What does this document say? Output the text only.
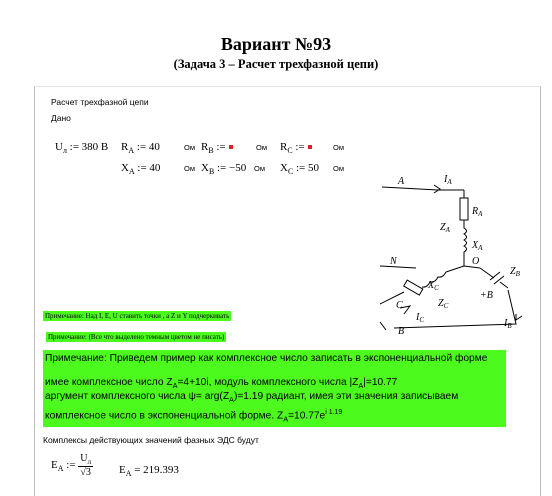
Вариант №93
(Задача 3 – Расчет трехфазной цепи)
Расчет трехфазной цепи
Дано
$U_л$ := 380 В $R_A$ := 40	Ом $R_B$ :=	Ом $R_C$ :=	Ом
$X_A$ := 40	Ом $X_B$ := −50 Ом $X_C$ := 50 Ом
A	$I_A$
$R_A$
$Z_A$
$X_A$
N	O
$Z_B$
+B
$X_C$
$Z_C$
C
$I_C$	$I_B$
B
Примечание: Над I, E, U ставить точки , а Z и Y подчеркивать
Примечание: (Все что выделено темным цветом не писать)
Примечание: Приведем пример как комплексное число записать в экспоненциальной форме
имее комплексное число $Z_A=4+10i$, модуль комплексного числа $|Z_A|=10.77$
аргумент комплексного числа $\psi= arg(Z_A)=1.19$ радиант, имея эти значения записываем
комплексное число в экспоненциальной форме. $Z_A=10.77e^{i 1.19}$
Комплексы действующих значений фазных ЭДС будут
$E_A$ := $\frac{U_л}{√3} E_A = 219.393$
